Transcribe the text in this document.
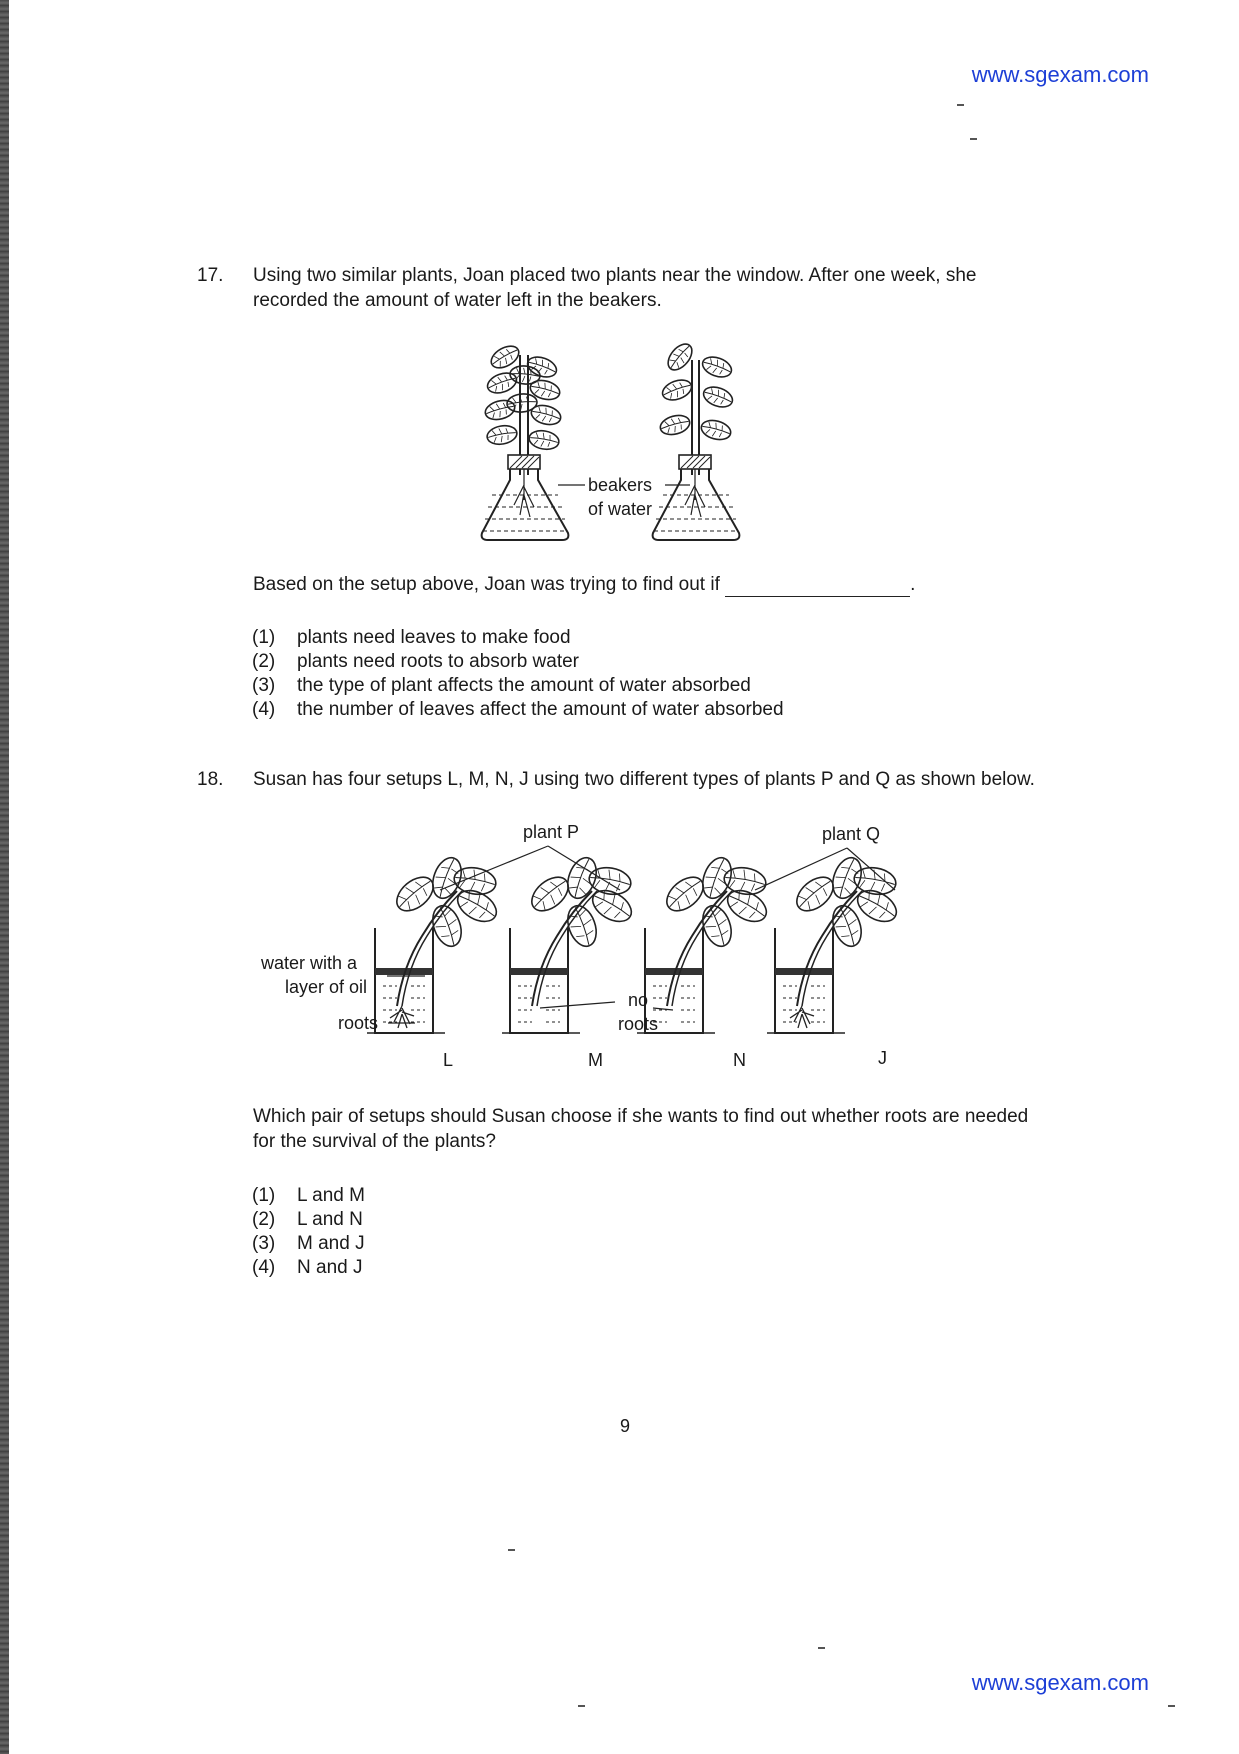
www.sgexam.com
17.	Using two similar plants, Joan placed two plants near the window. After one week, she recorded the amount of water left in the beakers.
beakers
of water
Based on the setup above, Joan was trying to find out if	.
(1)	plants need leaves to make food
(2)	plants need roots to absorb water
(3)	the type of plant affects the amount of water absorbed
(4)	the number of leaves affect the amount of water absorbed
18.	Susan has four setups L, M, N, J using two different types of plants P and Q as shown below.
plant P	plant Q
water with a
layer of oil
roots
no
roots
L	M	N	J
Which pair of setups should Susan choose if she wants to find out whether roots are needed for the survival of the plants?
(1)	L and M
(2)	L and N
(3)	M and J
(4)	N and J
9
www.sgexam.com
